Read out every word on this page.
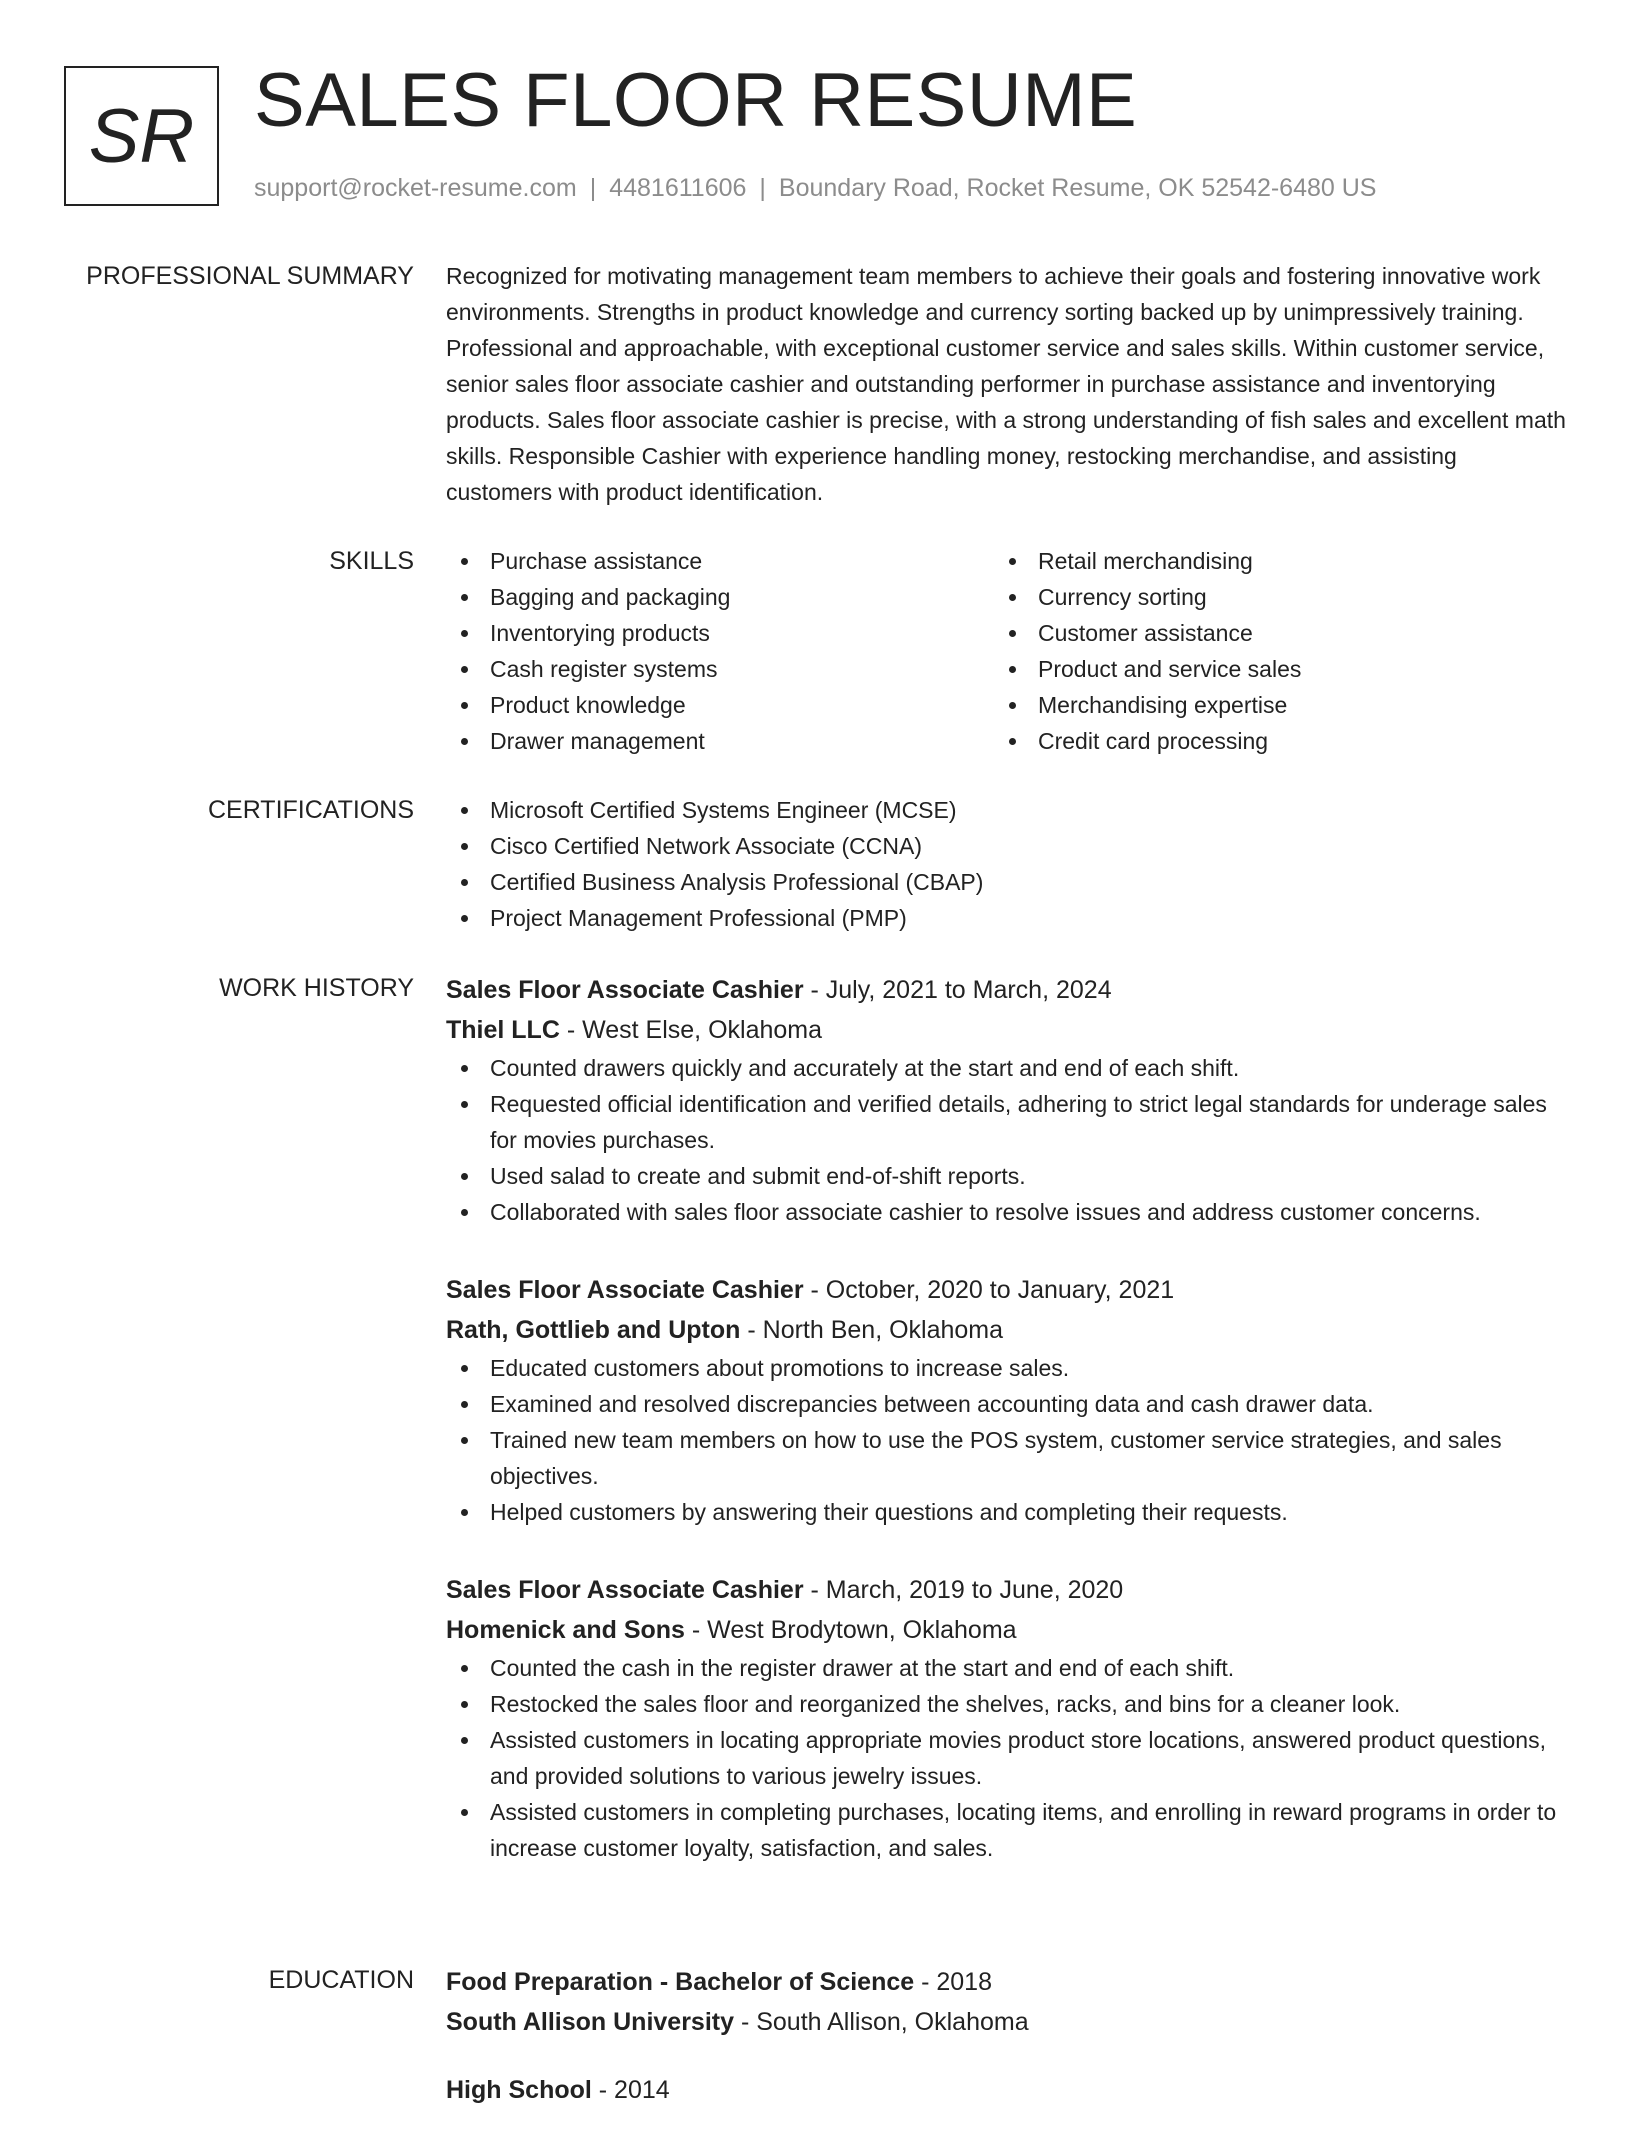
SR SALES FLOOR RESUME
support@rocket-resume.com | 4481611606 | Boundary Road, Rocket Resume, OK 52542-6480 US
PROFESSIONAL SUMMARY Recognized for motivating management team members to achieve their goals and fostering innovative work environments. Strengths in product knowledge and currency sorting backed up by unimpressively training. Professional and approachable, with exceptional customer service and sales skills. Within customer service, senior sales floor associate cashier and outstanding performer in purchase assistance and inventorying products. Sales floor associate cashier is precise, with a strong understanding of fish sales and excellent math skills. Responsible Cashier with experience handling money, restocking merchandise, and assisting customers with product identification.

SKILLS	Purchase assistance
Bagging and packaging
Inventorying products
Cash register systems
Product knowledge
Drawer management
Retail merchandising
Currency sorting
Customer assistance
Product and service sales
Merchandising expertise
Credit card processing
CERTIFICATIONS	Microsoft Certified Systems Engineer (MCSE)
Cisco Certified Network Associate (CCNA)
Certified Business Analysis Professional (CBAP)
Project Management Professional (PMP)
WORK HISTORY Sales Floor Associate Cashier - July, 2021 to March, 2024
Thiel LLC - West Else, Oklahoma
Counted drawers quickly and accurately at the start and end of each shift.
Requested official identification and verified details, adhering to strict legal standards for underage sales for movies purchases.
Used salad to create and submit end-of-shift reports.
Collaborated with sales floor associate cashier to resolve issues and address customer concerns.
Sales Floor Associate Cashier - October, 2020 to January, 2021
Rath, Gottlieb and Upton - North Ben, Oklahoma
Educated customers about promotions to increase sales.
Examined and resolved discrepancies between accounting data and cash drawer data.
Trained new team members on how to use the POS system, customer service strategies, and sales objectives.
Helped customers by answering their questions and completing their requests.
Sales Floor Associate Cashier - March, 2019 to June, 2020
Homenick and Sons - West Brodytown, Oklahoma
Counted the cash in the register drawer at the start and end of each shift.
Restocked the sales floor and reorganized the shelves, racks, and bins for a cleaner look.
Assisted customers in locating appropriate movies product store locations, answered product questions, and provided solutions to various jewelry issues.
Assisted customers in completing purchases, locating items, and enrolling in reward programs in order to increase customer loyalty, satisfaction, and sales.
EDUCATION Food Preparation - Bachelor of Science - 2018
South Allison University - South Allison, Oklahoma
High School - 2014
